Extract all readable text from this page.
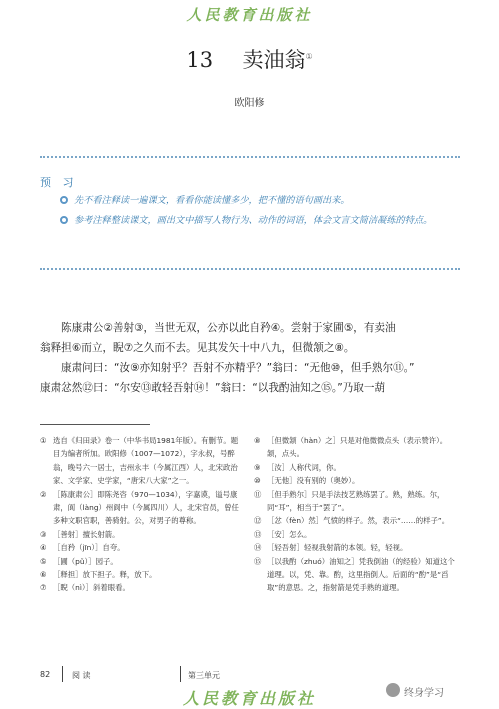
人民教育出版社
13 卖油翁①
欧阳修
预 习
先不看注释读一遍课文，看看你能读懂多少，把不懂的语句画出来。
参考注释整读课文，画出文中描写人物行为、动作的词语，体会文言文简洁凝练的特点。
陈康肃公②善射③，当世无双，公亦以此自矜④。尝射于家圃⑤，有卖油
翁释担⑥而立，睨⑦之久而不去。见其发矢十中八九，但微颔之⑧。
康肃问曰：“汝⑨亦知射乎？吾射不亦精乎？”翁曰：“无他⑩，但手熟尔⑪。”
康肃忿然⑫曰：“尔安⑬敢轻吾射⑭！”翁曰：“以我酌油知之⑮。”乃取一葫
① 选自《归田录》卷一（中华书局1981年版）。有删节。题目为编者所加。欧阳修（1007—1072），字永叔，号醉翁，晚号六一居士，吉州永丰（今属江西）人，北宋政治家、文学家、史学家，“唐宋八大家”之一。
② ［陈康肃公］即陈尧咨（970—1034），字嘉谟，谥号康肃，阆（làng）州阆中（今属四川）人，北宋官员，曾任多种文职官职，善骑射。公，对男子的尊称。
③ ［善射］擅长射箭。
④ ［自矜（jīn）］自夸。
⑤ ［圃（pǔ）］园子。
⑥ ［释担］放下担子。释，放下。
⑦ ［睨（nì）］斜着眼看。
⑧ ［但微颔（hàn）之］只是对他微微点头（表示赞许）。颔，点头。
⑨ ［汝］人称代词，你。
⑩ ［无他］没有别的（奥妙）。
⑪ ［但手熟尔］只是手法技艺熟练罢了。熟，熟练。尔，同“耳”，相当于“罢了”。
⑫ ［忿（fèn）然］气愤的样子。然，表示“……的样子”。
⑬ ［安］怎么。
⑭ ［轻吾射］轻视我射箭的本领。轻，轻视。
⑮ ［以我酌（zhuó）油知之］凭我倒油（的经验）知道这个道理。以，凭、靠。酌，这里指倒人。后面的“酌”是“舀取”的意思。之，指射箭是凭手熟的道理。
82	阅 读	第三单元
人民教育出版社	终身学习
